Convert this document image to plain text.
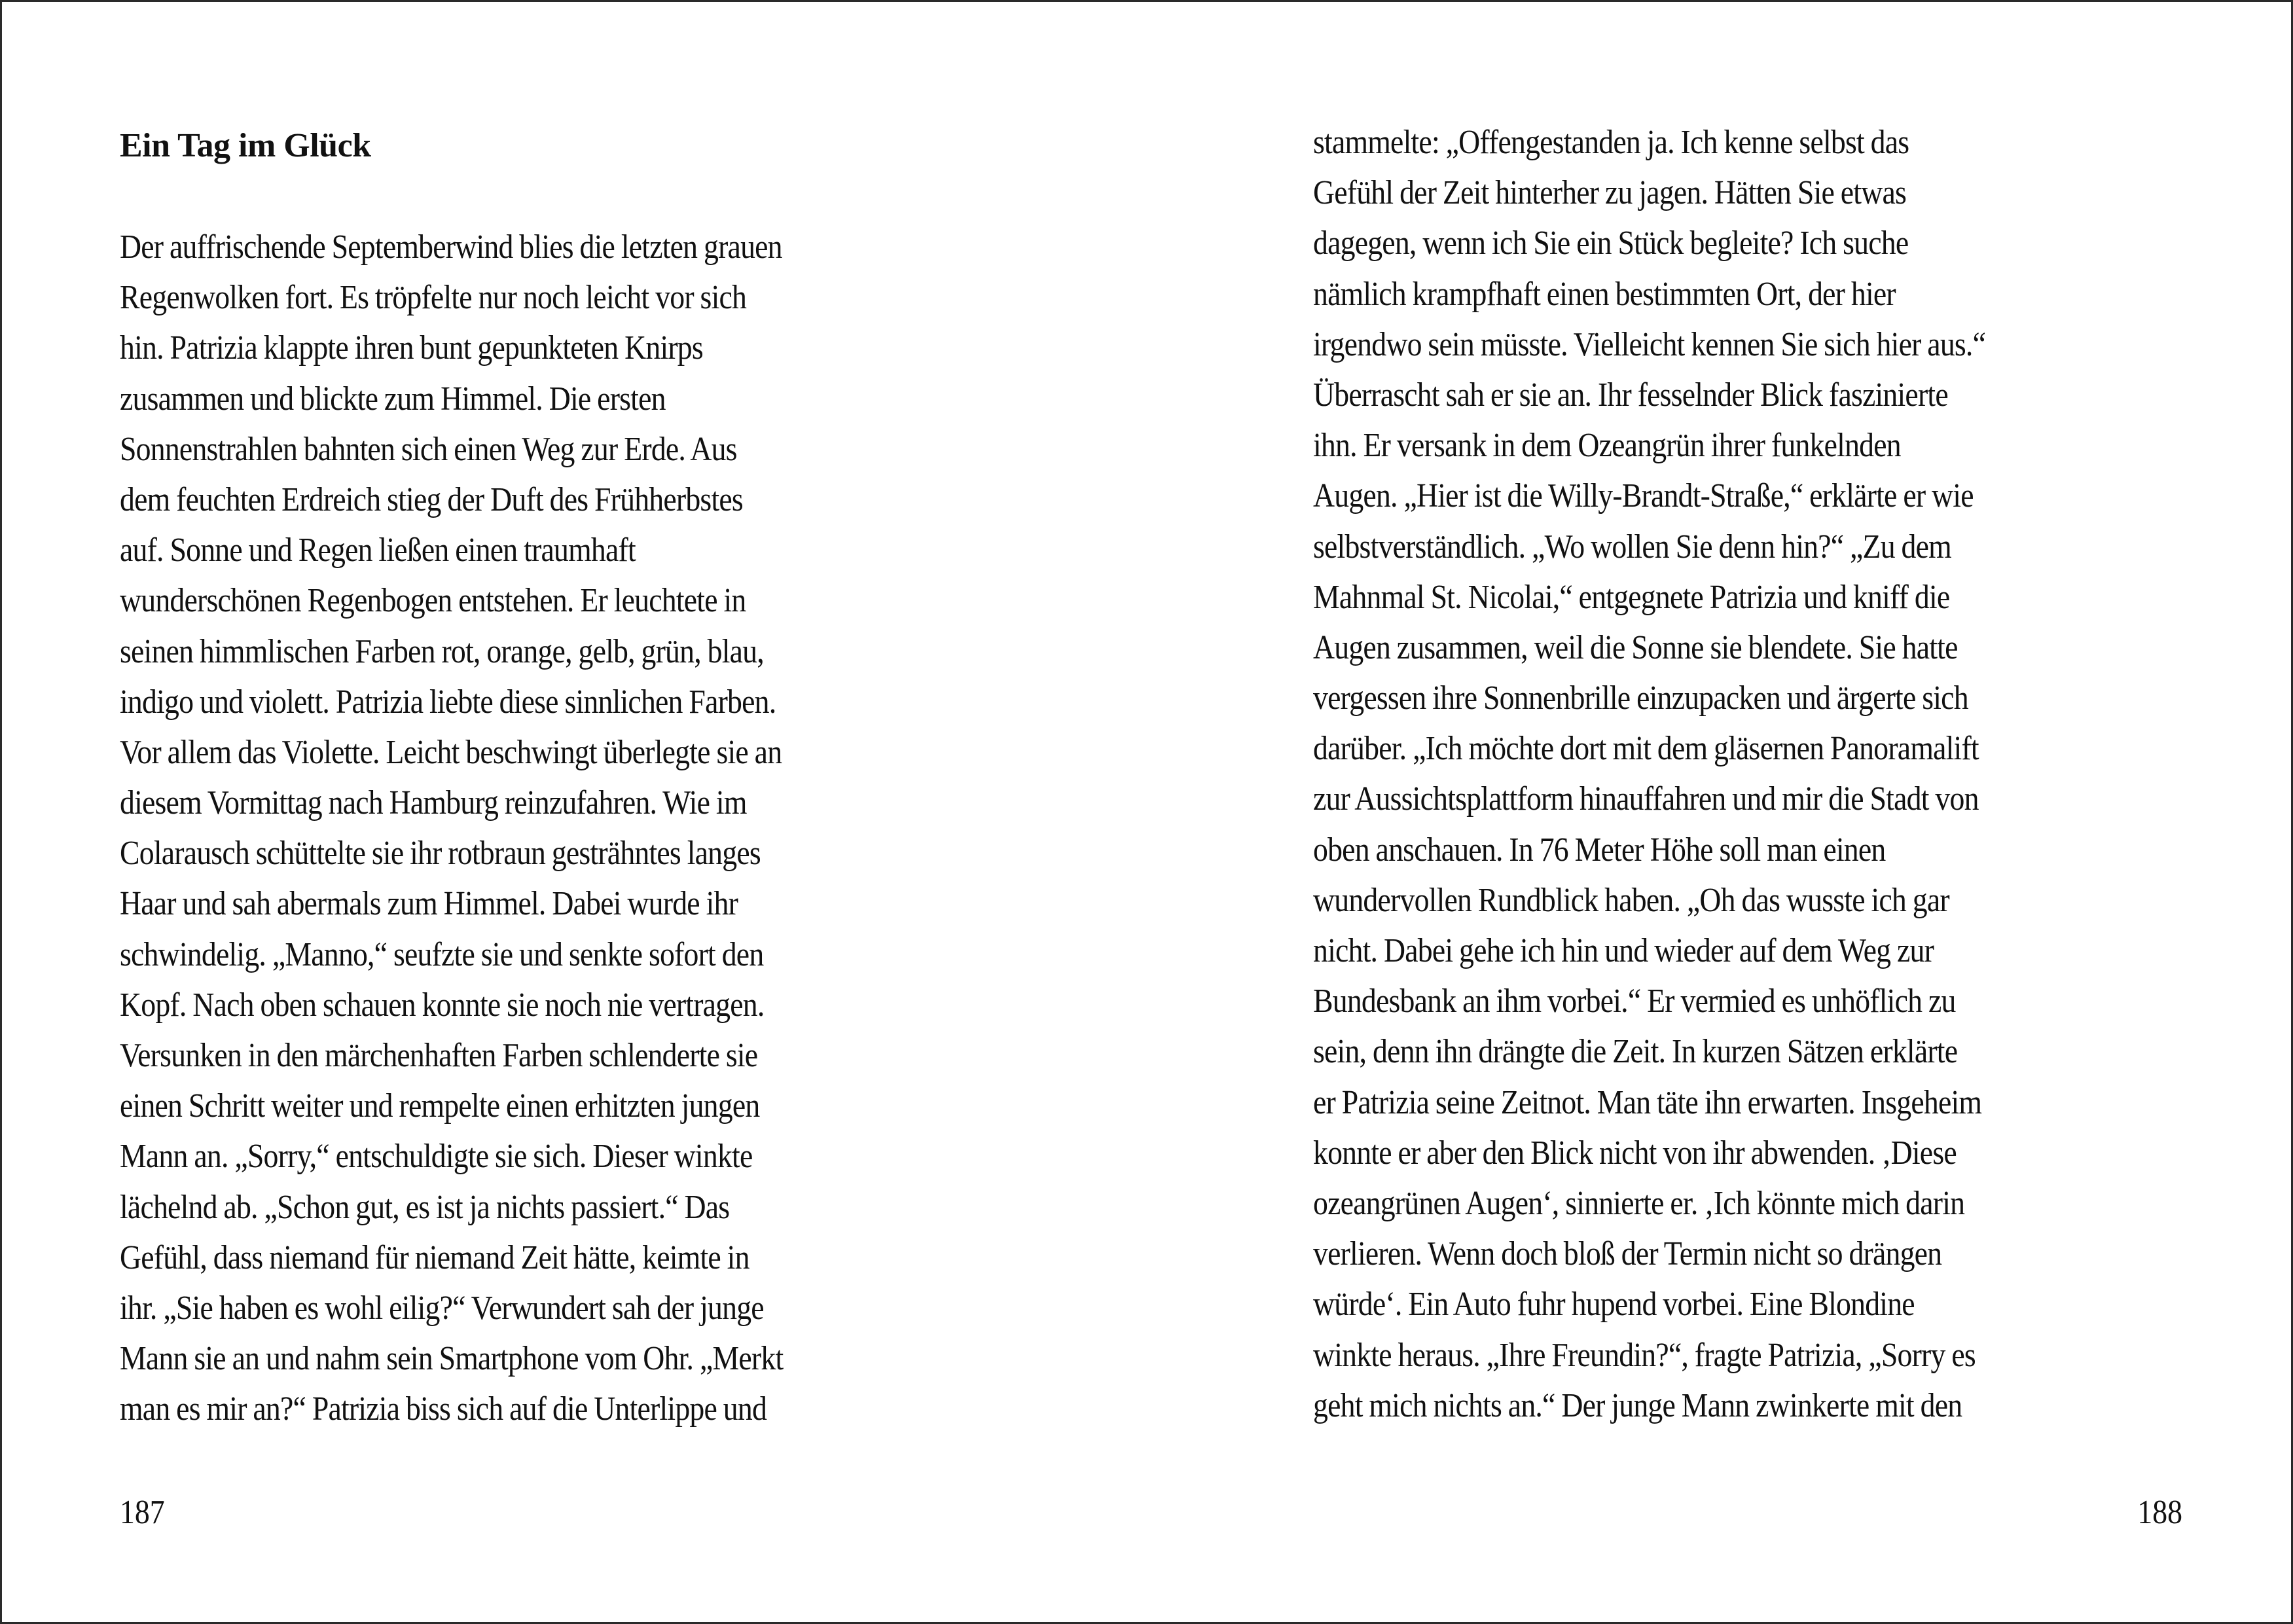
Ein Tag im Glück
Der auffrischende Septemberwind blies die letzten grauen
Regenwolken fort. Es tröpfelte nur noch leicht vor sich
hin. Patrizia klappte ihren bunt gepunkteten Knirps
zusammen und blickte zum Himmel. Die ersten
Sonnenstrahlen bahnten sich einen Weg zur Erde. Aus
dem feuchten Erdreich stieg der Duft des Frühherbstes
auf. Sonne und Regen ließen einen traumhaft
wunderschönen Regenbogen entstehen. Er leuchtete in
seinen himmlischen Farben rot, orange, gelb, grün, blau,
indigo und violett. Patrizia liebte diese sinnlichen Farben.
Vor allem das Violette. Leicht beschwingt überlegte sie an
diesem Vormittag nach Hamburg reinzufahren. Wie im
Colarausch schüttelte sie ihr rotbraun gesträhntes langes
Haar und sah abermals zum Himmel. Dabei wurde ihr
schwindelig. „Manno,“ seufzte sie und senkte sofort den
Kopf. Nach oben schauen konnte sie noch nie vertragen.
Versunken in den märchenhaften Farben schlenderte sie
einen Schritt weiter und rempelte einen erhitzten jungen
Mann an. „Sorry,“ entschuldigte sie sich. Dieser winkte
lächelnd ab. „Schon gut, es ist ja nichts passiert.“ Das
Gefühl, dass niemand für niemand Zeit hätte, keimte in
ihr. „Sie haben es wohl eilig?“ Verwundert sah der junge
Mann sie an und nahm sein Smartphone vom Ohr. „Merkt
man es mir an?“ Patrizia biss sich auf die Unterlippe und
187
stammelte: „Offengestanden ja. Ich kenne selbst das
Gefühl der Zeit hinterher zu jagen. Hätten Sie etwas
dagegen, wenn ich Sie ein Stück begleite? Ich suche
nämlich krampfhaft einen bestimmten Ort, der hier
irgendwo sein müsste. Vielleicht kennen Sie sich hier aus.“
Überrascht sah er sie an. Ihr fesselnder Blick faszinierte
ihn. Er versank in dem Ozeangrün ihrer funkelnden
Augen. „Hier ist die Willy-Brandt-Straße,“ erklärte er wie
selbstverständlich. „Wo wollen Sie denn hin?“ „Zu dem
Mahnmal St. Nicolai,“ entgegnete Patrizia und kniff die
Augen zusammen, weil die Sonne sie blendete. Sie hatte
vergessen ihre Sonnenbrille einzupacken und ärgerte sich
darüber. „Ich möchte dort mit dem gläsernen Panoramalift
zur Aussichtsplattform hinauffahren und mir die Stadt von
oben anschauen. In 76 Meter Höhe soll man einen
wundervollen Rundblick haben. „Oh das wusste ich gar
nicht. Dabei gehe ich hin und wieder auf dem Weg zur
Bundesbank an ihm vorbei.“ Er vermied es unhöflich zu
sein, denn ihn drängte die Zeit. In kurzen Sätzen erklärte
er Patrizia seine Zeitnot. Man täte ihn erwarten. Insgeheim
konnte er aber den Blick nicht von ihr abwenden. ‚Diese
ozeangrünen Augen‘, sinnierte er. ‚Ich könnte mich darin
verlieren. Wenn doch bloß der Termin nicht so drängen
würde‘. Ein Auto fuhr hupend vorbei. Eine Blondine
winkte heraus. „Ihre Freundin?“, fragte Patrizia, „Sorry es
geht mich nichts an.“ Der junge Mann zwinkerte mit den
188
